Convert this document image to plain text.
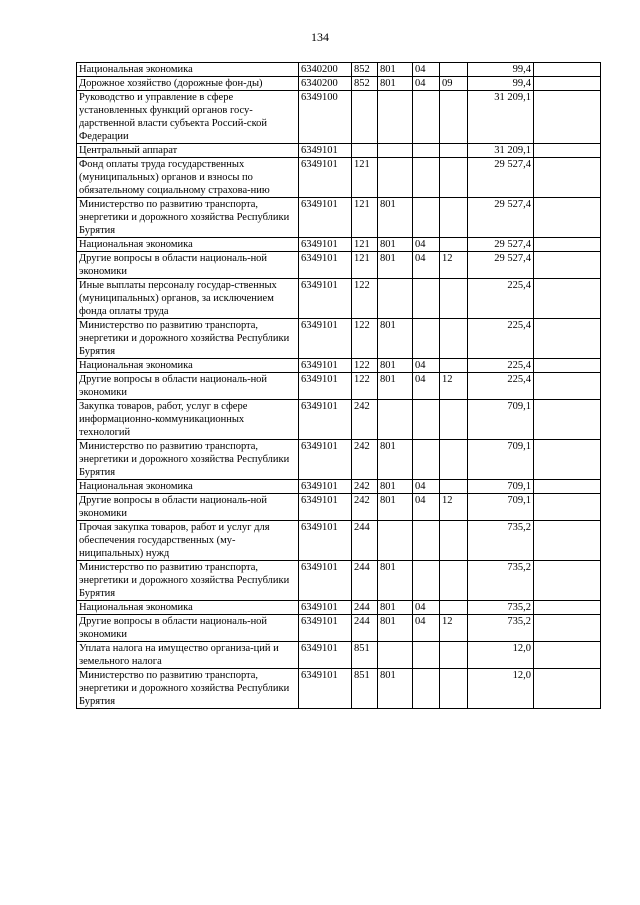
134
Национальная экономика	6340200	852	801	04		99,4	
Дорожное хозяйство (дорожные фон-ды)	6340200	852	801	04	09	99,4	
Руководство и управление в сфере установленных функций органов госу-дарственной власти субъекта Россий-ской Федерации	6349100					31 209,1	
Центральный аппарат	6349101					31 209,1	
Фонд оплаты труда государственных (муниципальных) органов и взносы по обязательному социальному страхова-нию	6349101	121				29 527,4	
Министерство по развитию транспорта, энергетики и дорожного хозяйства Республики Бурятия	6349101	121	801			29 527,4	
Национальная экономика	6349101	121	801	04		29 527,4	
Другие вопросы в области националь-ной экономики	6349101	121	801	04	12	29 527,4	
Иные выплаты персоналу государ-ственных (муниципальных) органов, за исключением фонда оплаты труда	6349101	122				225,4	
Министерство по развитию транспорта, энергетики и дорожного хозяйства Республики Бурятия	6349101	122	801			225,4	
Национальная экономика	6349101	122	801	04		225,4	
Другие вопросы в области националь-ной экономики	6349101	122	801	04	12	225,4	
Закупка товаров, работ, услуг в сфере информационно-коммуникационных технологий	6349101	242				709,1	
Министерство по развитию транспорта, энергетики и дорожного хозяйства Республики Бурятия	6349101	242	801			709,1	
Национальная экономика	6349101	242	801	04		709,1	
Другие вопросы в области националь-ной экономики	6349101	242	801	04	12	709,1	
Прочая закупка товаров, работ и услуг для обеспечения государственных (му-ниципальных) нужд	6349101	244				735,2	
Министерство по развитию транспорта, энергетики и дорожного хозяйства Республики Бурятия	6349101	244	801			735,2	
Национальная экономика	6349101	244	801	04		735,2	
Другие вопросы в области националь-ной экономики	6349101	244	801	04	12	735,2	
Уплата налога на имущество организа-ций и земельного налога	6349101	851				12,0	
Министерство по развитию транспорта, энергетики и дорожного хозяйства Республики Бурятия	6349101	851	801			12,0	
